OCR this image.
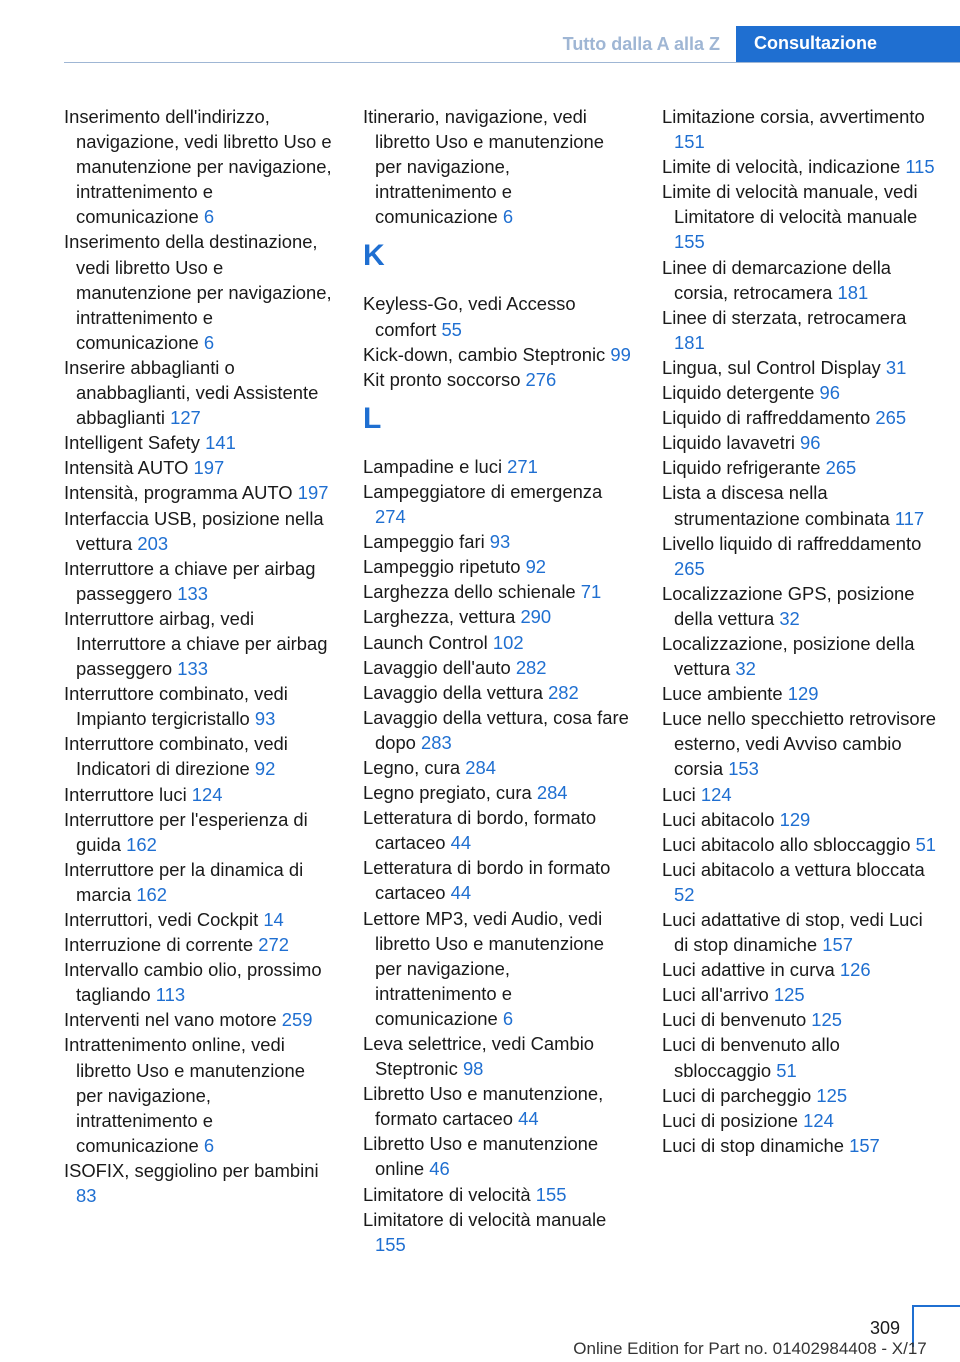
Tutto dalla A alla Z	Consultazione
Inserimento dell'indirizzo, navigazione, vedi libretto Uso e manutenzione per navigazione, intrattenimento e comunicazione 6
Inserimento della destinazione, vedi libretto Uso e manutenzione per navigazione, intrattenimento e comunicazione 6
Inserire abbaglianti o anabbaglianti, vedi Assistente abbaglianti 127
Intelligent Safety 141
Intensità AUTO 197
Intensità, programma AUTO 197
Interfaccia USB, posizione nella vettura 203
Interruttore a chiave per airbag passeggero 133
Interruttore airbag, vedi Interruttore a chiave per airbag passeggero 133
Interruttore combinato, vedi Impianto tergicristallo 93
Interruttore combinato, vedi Indicatori di direzione 92
Interruttore luci 124
Interruttore per l'esperienza di guida 162
Interruttore per la dinamica di marcia 162
Interruttori, vedi Cockpit 14
Interruzione di corrente 272
Intervallo cambio olio, prossimo tagliando 113
Interventi nel vano motore 259
Intrattenimento online, vedi libretto Uso e manutenzione per navigazione, intrattenimento e comunicazione 6
ISOFIX, seggiolino per bambini 83
Itinerario, navigazione, vedi libretto Uso e manutenzione per navigazione, intrattenimento e comunicazione 6
K
Keyless-Go, vedi Accesso comfort 55
Kick-down, cambio Steptronic 99
Kit pronto soccorso 276
L
Lampadine e luci 271
Lampeggiatore di emergenza 274
Lampeggio fari 93
Lampeggio ripetuto 92
Larghezza dello schienale 71
Larghezza, vettura 290
Launch Control 102
Lavaggio dell'auto 282
Lavaggio della vettura 282
Lavaggio della vettura, cosa fare dopo 283
Legno, cura 284
Legno pregiato, cura 284
Letteratura di bordo, formato cartaceo 44
Letteratura di bordo in formato cartaceo 44
Lettore MP3, vedi Audio, vedi libretto Uso e manutenzione per navigazione, intrattenimento e comunicazione 6
Leva selettrice, vedi Cambio Steptronic 98
Libretto Uso e manutenzione, formato cartaceo 44
Libretto Uso e manutenzione online 46
Limitatore di velocità 155
Limitatore di velocità manuale 155
Limitazione corsia, avvertimento 151
Limite di velocità, indicazione 115
Limite di velocità manuale, vedi Limitatore di velocità manuale 155
Linee di demarcazione della corsia, retrocamera 181
Linee di sterzata, retrocamera 181
Lingua, sul Control Display 31
Liquido detergente 96
Liquido di raffreddamento 265
Liquido lavavetri 96
Liquido refrigerante 265
Lista a discesa nella strumentazione combinata 117
Livello liquido di raffreddamento 265
Localizzazione GPS, posizione della vettura 32
Localizzazione, posizione della vettura 32
Luce ambiente 129
Luce nello specchietto retrovisore esterno, vedi Avviso cambio corsia 153
Luci 124
Luci abitacolo 129
Luci abitacolo allo sbloccaggio 51
Luci abitacolo a vettura bloccata 52
Luci adattative di stop, vedi Luci di stop dinamiche 157
Luci adattive in curva 126
Luci all'arrivo 125
Luci di benvenuto 125
Luci di benvenuto allo sbloccaggio 51
Luci di parcheggio 125
Luci di posizione 124
Luci di stop dinamiche 157
309
Online Edition for Part no. 01402984408 - X/17
